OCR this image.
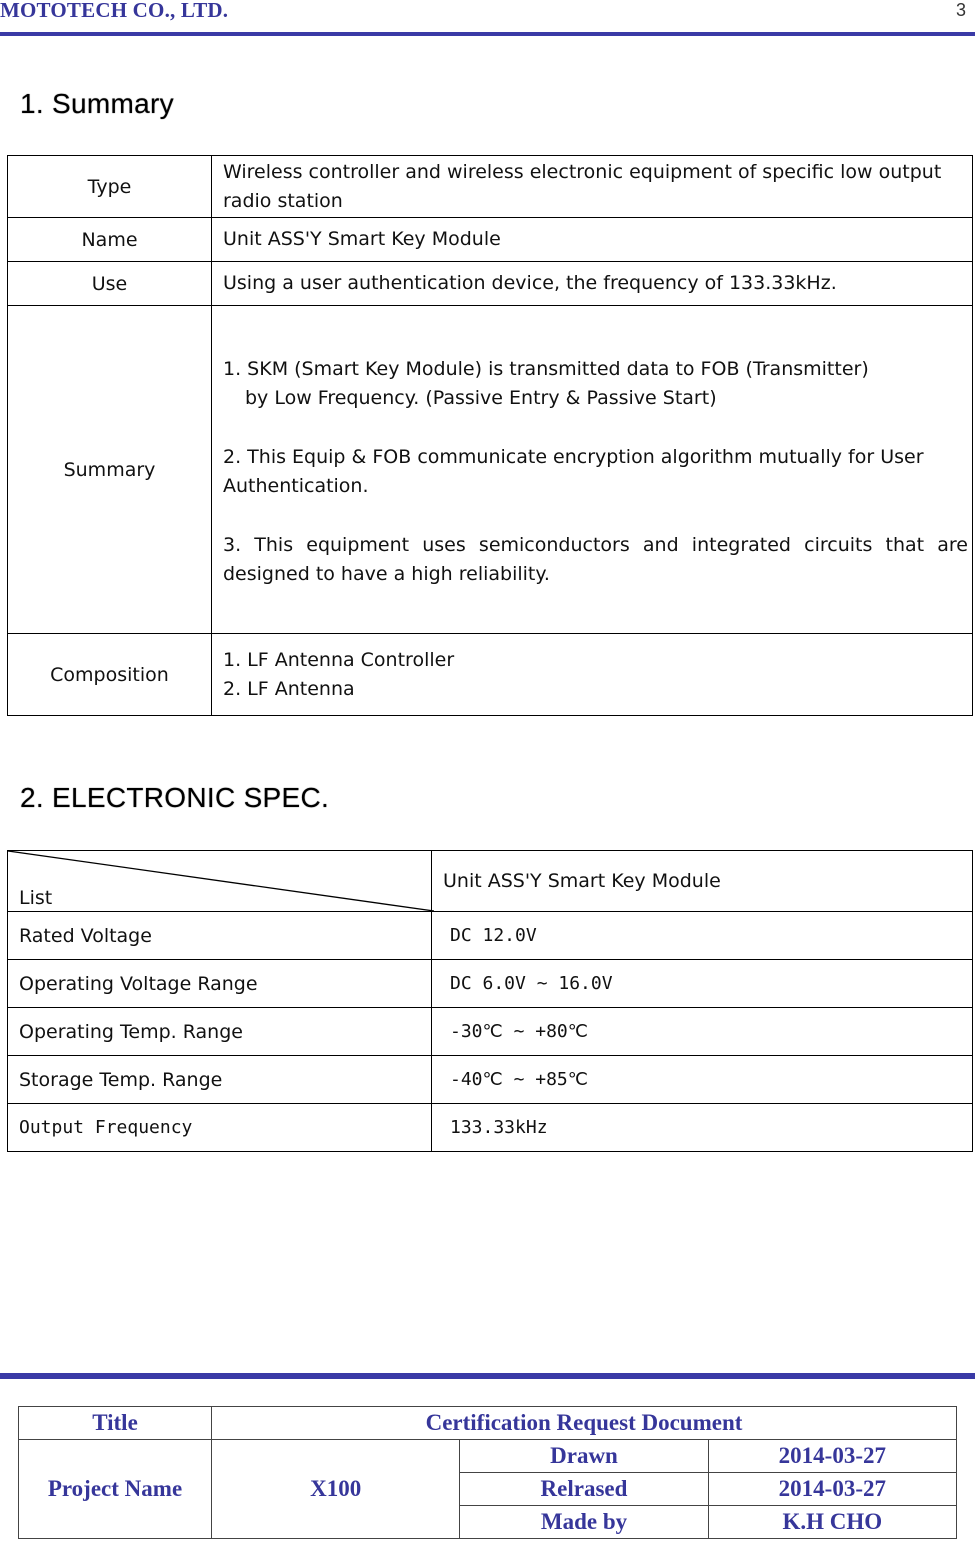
MOTOTECH CO., LTD.	3
1. Summary
Type	Wireless controller and wireless electronic equipment of specific low output radio station
Name	Unit ASS'Y Smart Key Module
Use	Using a user authentication device, the frequency of 133.33kHz.
Summary	1. SKM (Smart Key Module) is transmitted data to FOB (Transmitter)
by Low Frequency. (Passive Entry & Passive Start)
2. This Equip & FOB communicate encryption algorithm mutually for User Authentication.
3. This equipment uses semiconductors and integrated circuits that are designed to have a high reliability.

Composition	1. LF Antenna Controller
2. LF Antenna
2. ELECTRONIC SPEC.
List	Unit ASS'Y Smart Key Module
Rated Voltage	DC 12.0V
Operating Voltage Range	DC 6.0V ~ 16.0V
Operating Temp. Range	-30℃ ~ +80℃
Storage Temp. Range	-40℃ ~ +85℃
Output Frequency	133.33kHz
Title	Certification Request Document		
Project Name	X100	Drawn	2014-03-27
		Relrased	2014-03-27
		Made by	K.H CHO
